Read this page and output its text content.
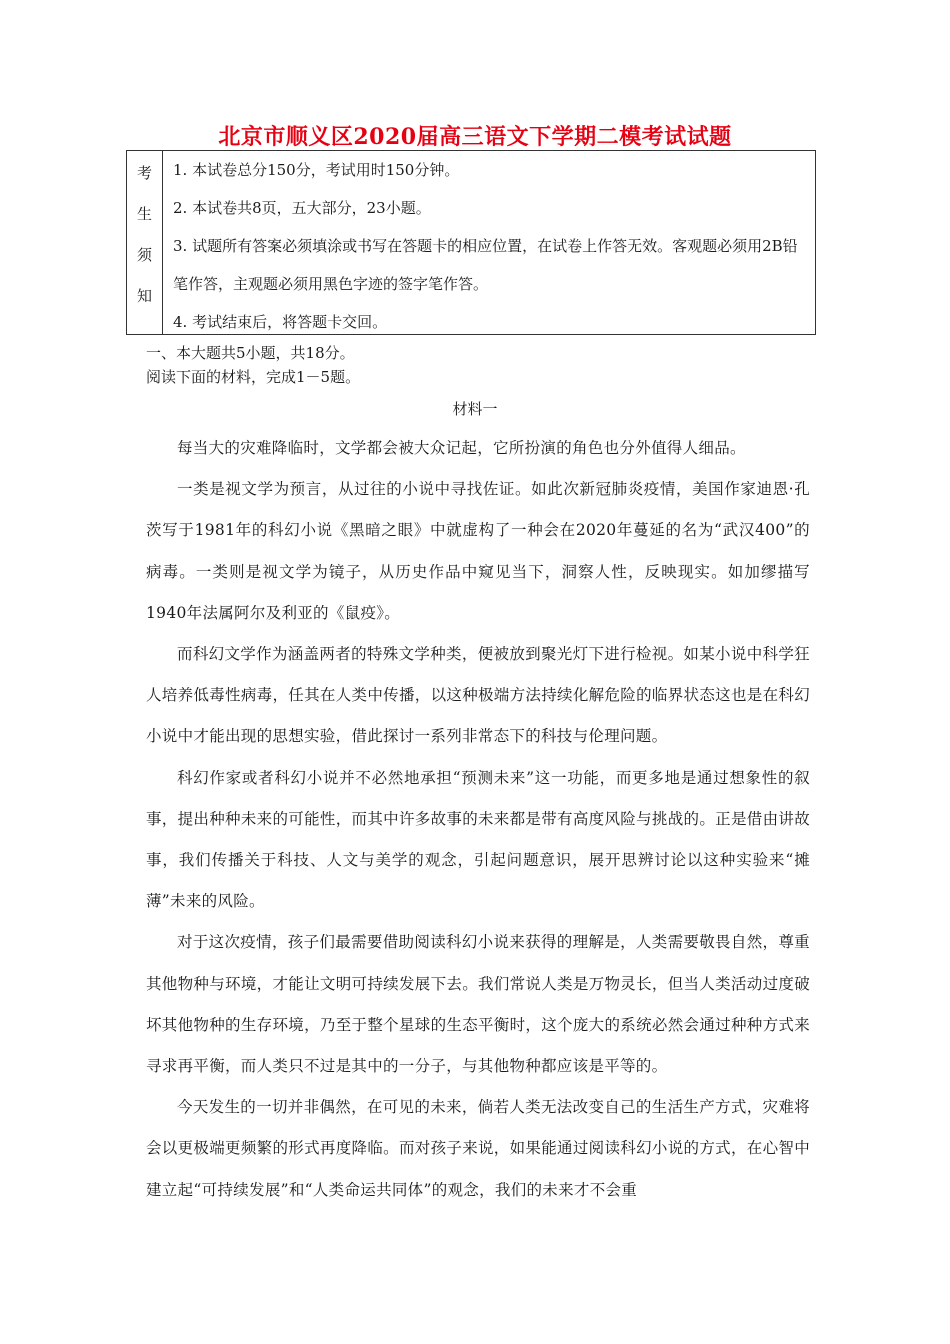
北京市顺义区2020届高三语文下学期二模考试试题
考
生
须
知
1. 本试卷总分150分，考试用时150分钟。
2. 本试卷共8页，五大部分，23小题。
3. 试题所有答案必须填涂或书写在答题卡的相应位置，在试卷上作答无效。客观题必须用2B铅笔作答，主观题必须用黑色字迹的签字笔作答。
4. 考试结束后，将答题卡交回。
一、本大题共5小题，共18分。
阅读下面的材料，完成1－5题。
材料一

每当大的灾难降临时，文学都会被大众记起，它所扮演的角色也分外值得人细品。

一类是视文学为预言，从过往的小说中寻找佐证。如此次新冠肺炎疫情，美国作家迪恩·孔茨写于1981年的科幻小说《黑暗之眼》中就虚构了一种会在2020年蔓延的名为“武汉400”的病毒。一类则是视文学为镜子，从历史作品中窥见当下，洞察人性，反映现实。如加缪描写1940年法属阿尔及利亚的《鼠疫》。

而科幻文学作为涵盖两者的特殊文学种类，便被放到聚光灯下进行检视。如某小说中科学狂人培养低毒性病毒，任其在人类中传播，以这种极端方法持续化解危险的临界状态这也是在科幻小说中才能出现的思想实验，借此探讨一系列非常态下的科技与伦理问题。

科幻作家或者科幻小说并不必然地承担“预测未来”这一功能，而更多地是通过想象性的叙事，提出种种未来的可能性，而其中许多故事的未来都是带有高度风险与挑战的。正是借由讲故事，我们传播关于科技、人文与美学的观念，引起问题意识，展开思辨讨论以这种实验来“摊薄”未来的风险。

对于这次疫情，孩子们最需要借助阅读科幻小说来获得的理解是，人类需要敬畏自然，尊重其他物种与环境，才能让文明可持续发展下去。我们常说人类是万物灵长，但当人类活动过度破坏其他物种的生存环境，乃至于整个星球的生态平衡时，这个庞大的系统必然会通过种种方式来寻求再平衡，而人类只不过是其中的一分子，与其他物种都应该是平等的。

今天发生的一切并非偶然，在可见的未来，倘若人类无法改变自己的生活生产方式，灾难将会以更极端更频繁的形式再度降临。而对孩子来说，如果能通过阅读科幻小说的方式，在心智中建立起“可持续发展”和“人类命运共同体”的观念，我们的未来才不会重
